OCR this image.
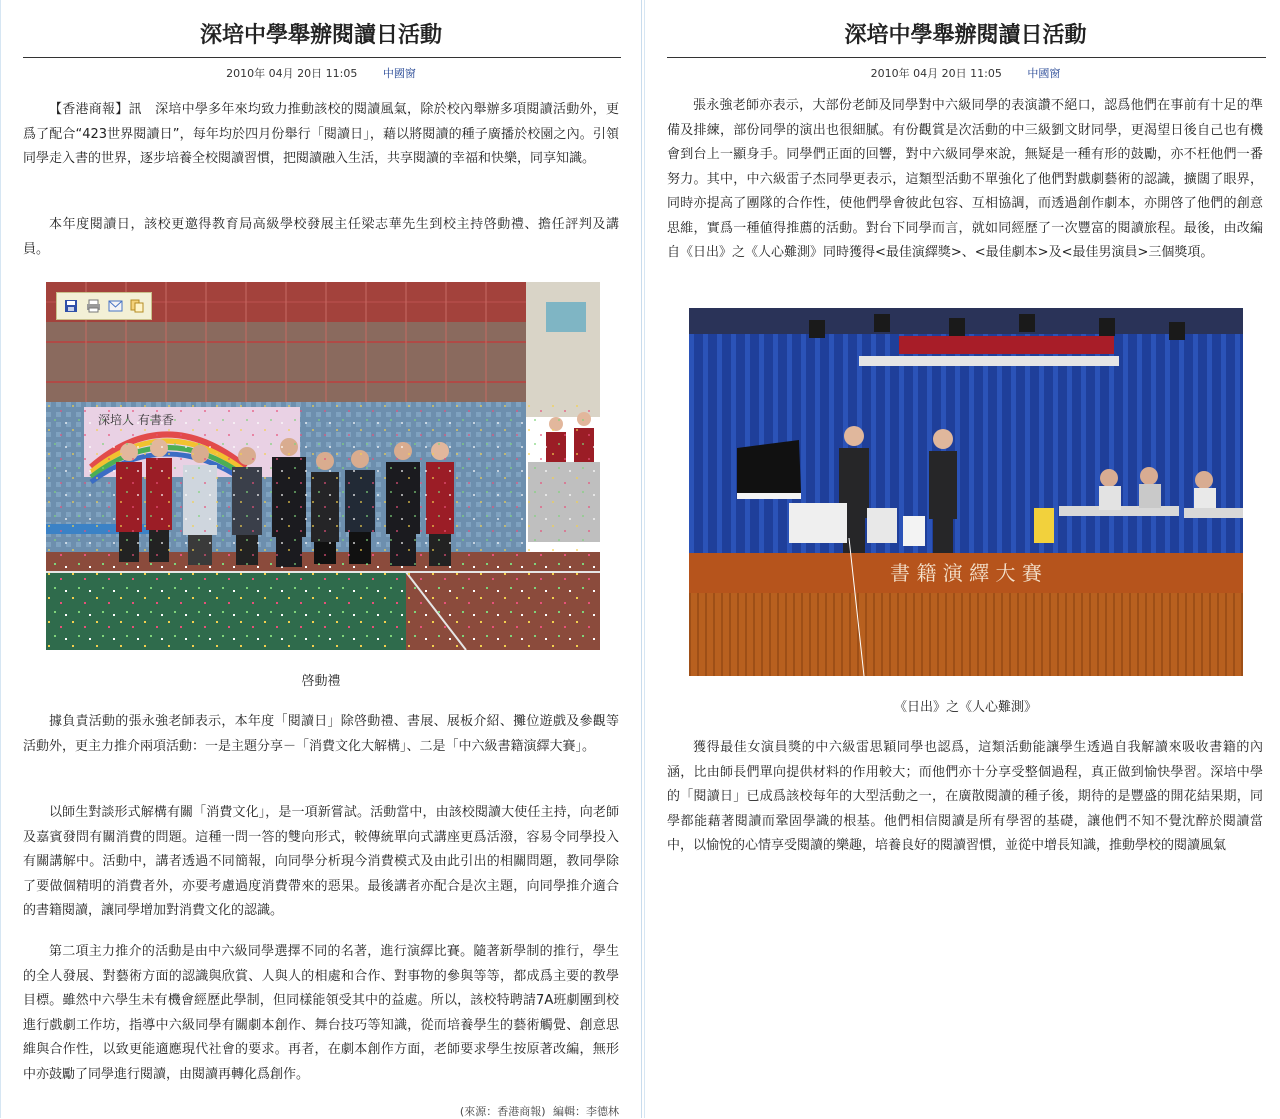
深培中學舉辦閱讀日活動
2010年 04月 20日 11:05 中國窗

【香港商報】訊　深培中學多年來均致力推動該校的閱讀風氣，除於校內舉辦多項閱讀活動外，更爲了配合“423世界閱讀日”，每年均於四月份舉行「閱讀日」，藉以將閱讀的種子廣播於校園之內。引領同學走入書的世界，逐步培養全校閱讀習慣，把閱讀融入生活，共享閱讀的幸福和快樂，同享知識。

本年度閱讀日，該校更邀得教育局高級學校發展主任梁志華先生到校主持啓動禮、擔任評判及講員。

啓動禮

據負責活動的張永強老師表示，本年度「閱讀日」除啓動禮、書展、展板介紹、攤位遊戲及參觀等活動外，更主力推介兩項活動：一是主題分享－「消費文化大解構」、二是「中六級書籍演繹大賽」。

以師生對談形式解構有關「消費文化」，是一項新嘗試。活動當中，由該校閱讀大使任主持，向老師及嘉賓發問有關消費的問題。這種一問一答的雙向形式，較傳統單向式講座更爲活潑，容易令同學投入有關講解中。活動中，講者透過不同簡報，向同學分析現今消費模式及由此引出的相關問題，教同學除了要做個精明的消費者外，亦要考慮過度消費帶來的惡果。最後講者亦配合是次主題，向同學推介適合的書籍閱讀，讓同學增加對消費文化的認識。

第二項主力推介的活動是由中六級同學選擇不同的名著，進行演繹比賽。隨著新學制的推行，學生的全人發展、對藝術方面的認識與欣賞、人與人的相處和合作、對事物的參與等等，都成爲主要的教學目標。雖然中六學生未有機會經歷此學制，但同樣能領受其中的益處。所以，該校特聘請7A班劇團到校進行戲劇工作坊，指導中六級同學有關劇本創作、舞台技巧等知識，從而培養學生的藝術觸覺、創意思維與合作性，以致更能適應現代社會的要求。再者，在劇本創作方面，老師要求學生按原著改編，無形中亦鼓勵了同學進行閱讀，由閱讀再轉化爲創作。

(來源：香港商報) 編輯：李德林
深培中學舉辦閱讀日活動
2010年 04月 20日 11:05 中國窗

張永強老師亦表示，大部份老師及同學對中六級同學的表演讚不絕口，認爲他們在事前有十足的準備及排練，部份同學的演出也很細膩。有份觀賞是次活動的中三級劉文財同學，更渴望日後自己也有機會到台上一顯身手。同學們正面的回響，對中六級同學來說，無疑是一種有形的鼓勵，亦不枉他們一番努力。其中，中六級雷子杰同學更表示，這類型活動不單強化了他們對戲劇藝術的認識，擴闊了眼界，同時亦提高了團隊的合作性，使他們學會彼此包容、互相協調，而透過創作劇本，亦開啓了他們的創意思維，實爲一種値得推薦的活動。對台下同學而言，就如同經歷了一次豐富的閱讀旅程。最後，由改編自《日出》之《人心難測》同時獲得<最佳演繹獎>、<最佳劇本>及<最佳男演員>三個獎項。

書 籍 演 繹 大 賽
《日出》之《人心難測》

獲得最佳女演員獎的中六級雷思穎同學也認爲，這類活動能讓學生透過自我解讀來吸收書籍的內涵，比由師長們單向提供材料的作用較大；而他們亦十分享受整個過程，真正做到愉快學習。深培中學的「閱讀日」已成爲該校每年的大型活動之一，在廣散閱讀的種子後，期待的是豐盛的開花結果期，同學都能藉著閱讀而鞏固學識的根基。他們相信閱讀是所有學習的基礎，讓他們不知不覺沈醉於閱讀當中，以愉悅的心情享受閱讀的樂趣，培養良好的閱讀習慣，並從中增長知識，推動學校的閱讀風氣
